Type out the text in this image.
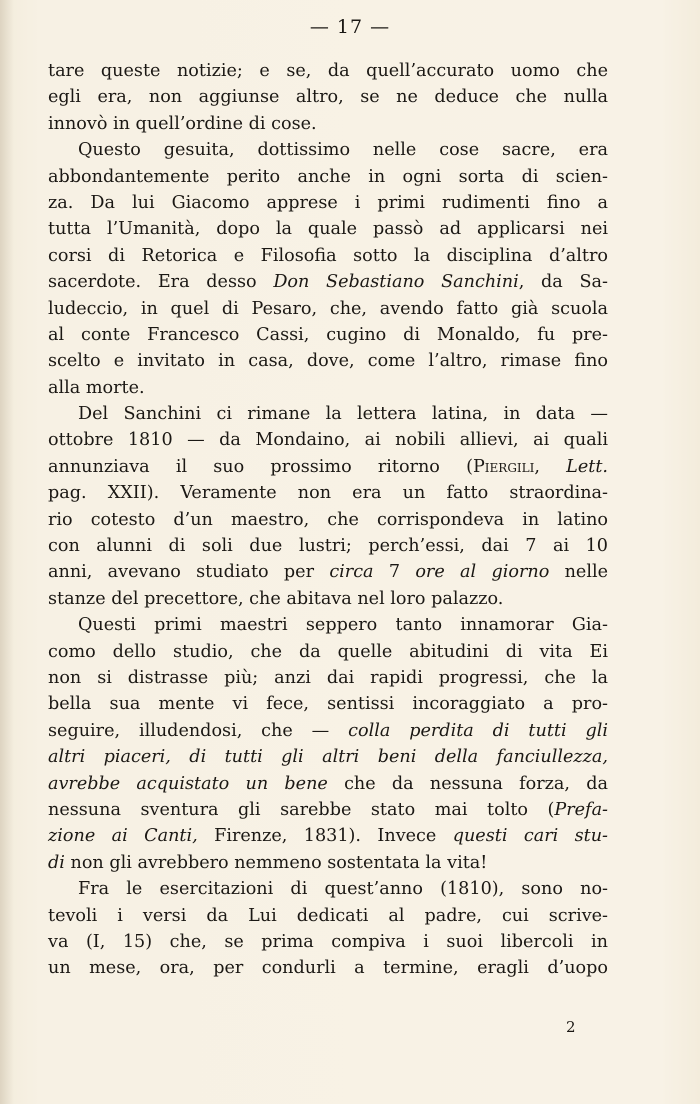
— 17 —
tare queste notizie; e se, da quell’accurato uomo che
egli era, non aggiunse altro, se ne deduce che nulla
innovò in quell’ordine di cose.
Questo gesuita, dottissimo nelle cose sacre, era
abbondantemente perito anche in ogni sorta di scien-
za. Da lui Giacomo apprese i primi rudimenti fino a
tutta l’Umanità, dopo la quale passò ad applicarsi nei
corsi di Retorica e Filosofia sotto la disciplina d’altro
sacerdote. Era desso Don Sebastiano Sanchini, da Sa-
ludeccio, in quel di Pesaro, che, avendo fatto già scuola
al conte Francesco Cassi, cugino di Monaldo, fu pre-
scelto e invitato in casa, dove, come l’altro, rimase fino
alla morte.
Del Sanchini ci rimane la lettera latina, in data —
ottobre 1810 — da Mondaino, ai nobili allievi, ai quali
annunziava il suo prossimo ritorno (Piergili, Lett.
pag. XXII). Veramente non era un fatto straordina-
rio cotesto d’un maestro, che corrispondeva in latino
con alunni di soli due lustri; perch’essi, dai 7 ai 10
anni, avevano studiato per circa 7 ore al giorno nelle
stanze del precettore, che abitava nel loro palazzo.
Questi primi maestri seppero tanto innamorar Gia-
como dello studio, che da quelle abitudini di vita Ei
non si distrasse più; anzi dai rapidi progressi, che la
bella sua mente vi fece, sentissi incoraggiato a pro-
seguire, illudendosi, che — colla perdita di tutti gli
altri piaceri, di tutti gli altri beni della fanciullezza,
avrebbe acquistato un bene che da nessuna forza, da
nessuna sventura gli sarebbe stato mai tolto (Prefa-
zione ai Canti, Firenze, 1831). Invece questi cari stu-
di non gli avrebbero nemmeno sostentata la vita!
Fra le esercitazioni di quest’anno (1810), sono no-
tevoli i versi da Lui dedicati al padre, cui scrive-
va (I, 15) che, se prima compiva i suoi libercoli in
un mese, ora, per condurli a termine, eragli d’uopo
2
